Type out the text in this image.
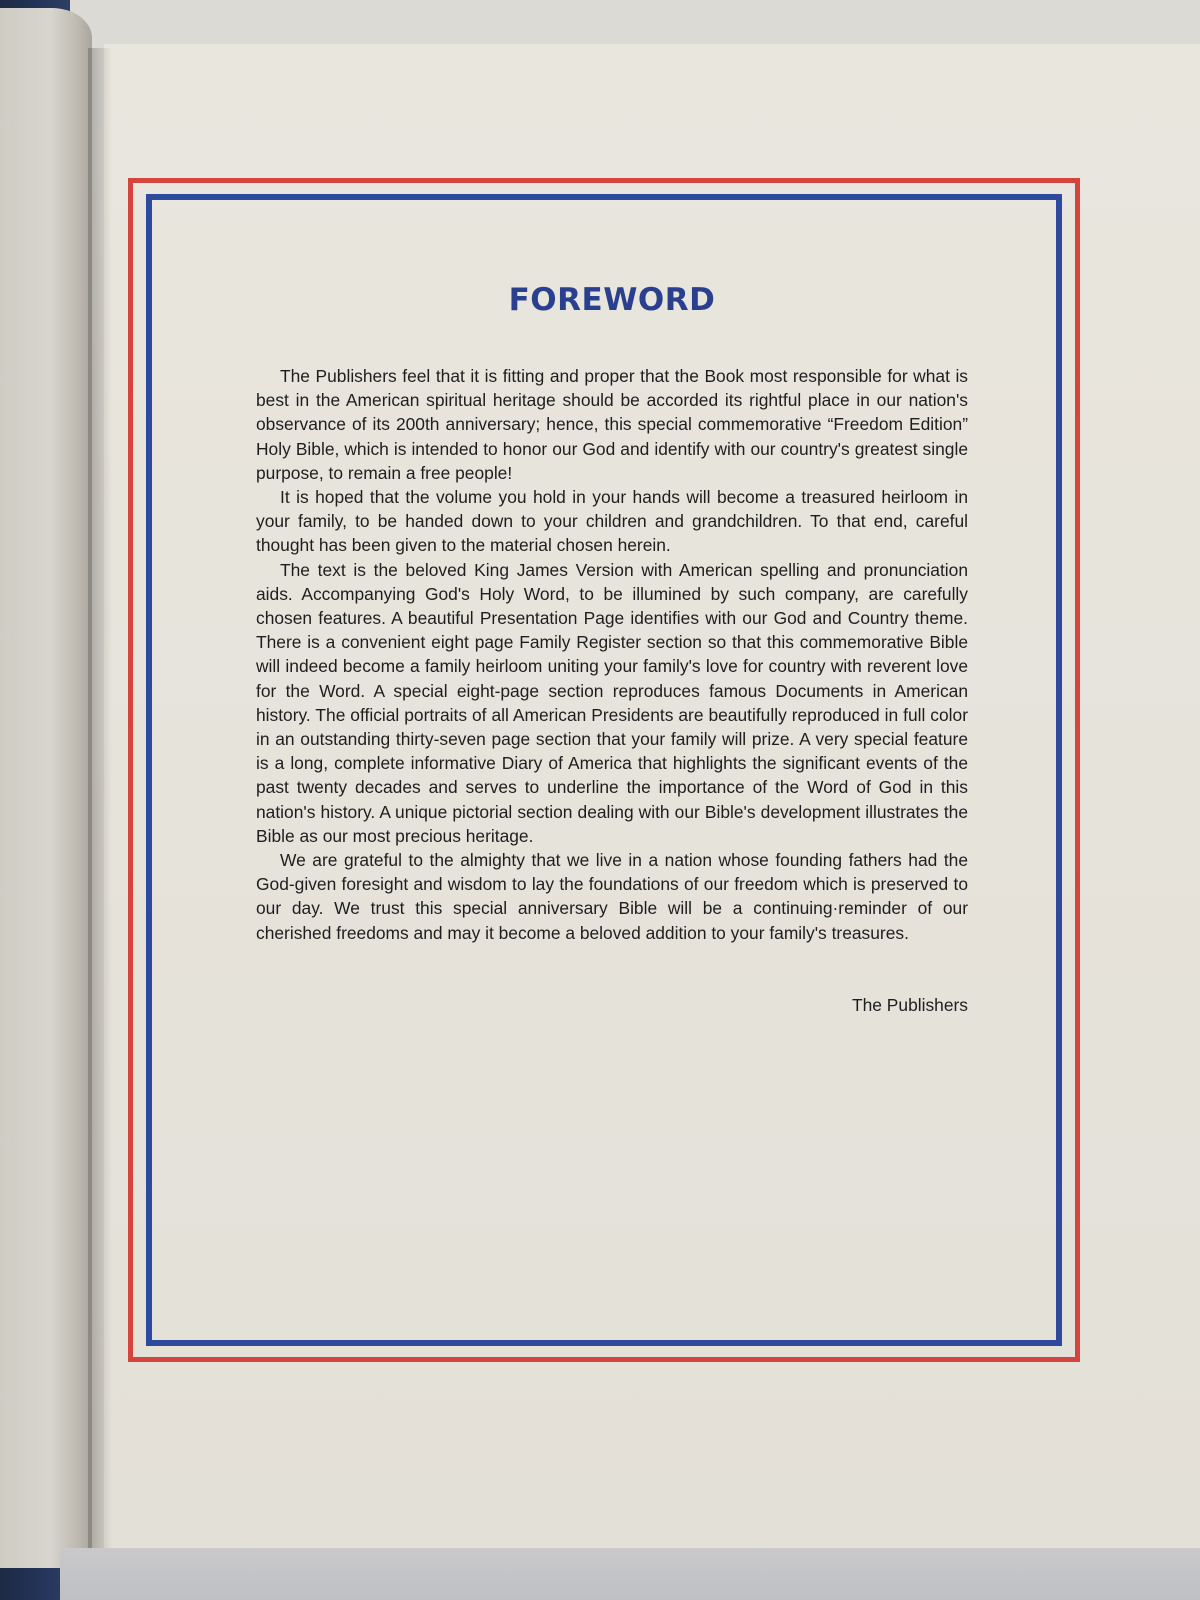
FOREWORD

The Publishers feel that it is fitting and proper that the Book most responsible for what is best in the American spiritual heritage should be accorded its rightful place in our nation's observance of its 200th anniversary; hence, this special commemorative “Freedom Edition” Holy Bible, which is intended to honor our God and identify with our country's greatest single purpose, to remain a free people!

It is hoped that the volume you hold in your hands will become a treasured heirloom in your family, to be handed down to your children and grandchildren. To that end, careful thought has been given to the material chosen herein.

The text is the beloved King James Version with American spelling and pronunciation aids. Accompanying God's Holy Word, to be illumined by such company, are carefully chosen features. A beautiful Presentation Page identifies with our God and Country theme. There is a convenient eight page Family Register section so that this commemorative Bible will indeed become a family heirloom uniting your family's love for country with reverent love for the Word. A special eight-page section reproduces famous Documents in American history. The official portraits of all American Presidents are beautifully reproduced in full color in an outstanding thirty-seven page section that your family will prize. A very special feature is a long, complete informative Diary of America that highlights the significant events of the past twenty decades and serves to underline the importance of the Word of God in this nation's history. A unique pictorial section dealing with our Bible's development illustrates the Bible as our most precious heritage.

We are grateful to the almighty that we live in a nation whose founding fathers had the God-given foresight and wisdom to lay the foundations of our freedom which is preserved to our day. We trust this special anniversary Bible will be a continuing·reminder of our cherished freedoms and may it become a beloved addition to your family's treasures.

The Publishers
